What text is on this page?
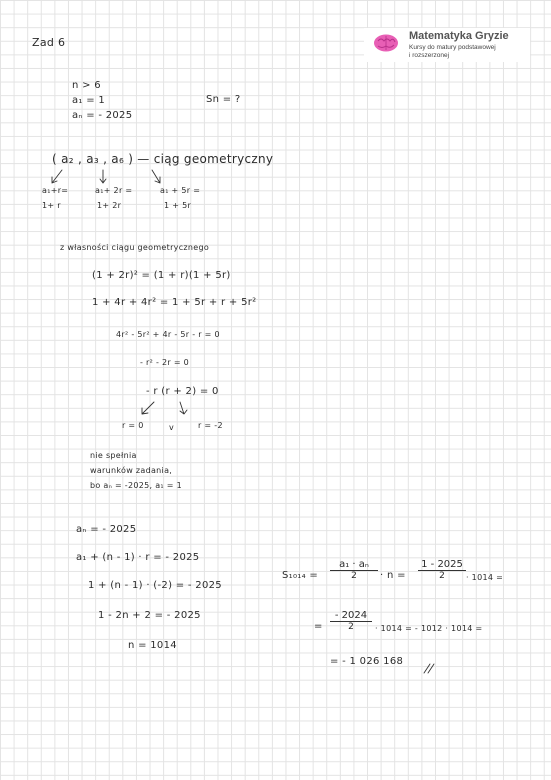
Zad 6	Matematyka Gryzie
Kursy do matury podstawowej
i rozszerzonej
n > 6
a₁ = 1
aₙ = - 2025
Sn = ?
( a₂ , a₃ , a₆ ) — ciąg geometryczny
a₁+r=
1+ r
a₁+ 2r =
1+ 2r
a₁ + 5r =
1 + 5r
z własności ciągu geometrycznego
(1 + 2r)² = (1 + r)(1 + 5r)
1 + 4r + 4r² = 1 + 5r + r + 5r²
4r² - 5r² + 4r - 5r - r = 0
- r² - 2r = 0
- r (r + 2) = 0
r = 0	v	r = -2
nie spełnia
warunków zadania,
bo aₙ = -2025, a₁ = 1
aₙ = - 2025
a₁ + (n - 1) · r = - 2025
1 + (n - 1) · (-2) = - 2025
1 - 2n + 2 = - 2025
n = 1014
$S_{1014} = \frac{\text{a₁ · aₙ}}{2} \cdot n = \frac{1 - 2025}{2} \cdot 1014$ =
= $\frac{- 2024}{2} \cdot 1014$ = - 1012 · 1014 =
= - 1 026 168
